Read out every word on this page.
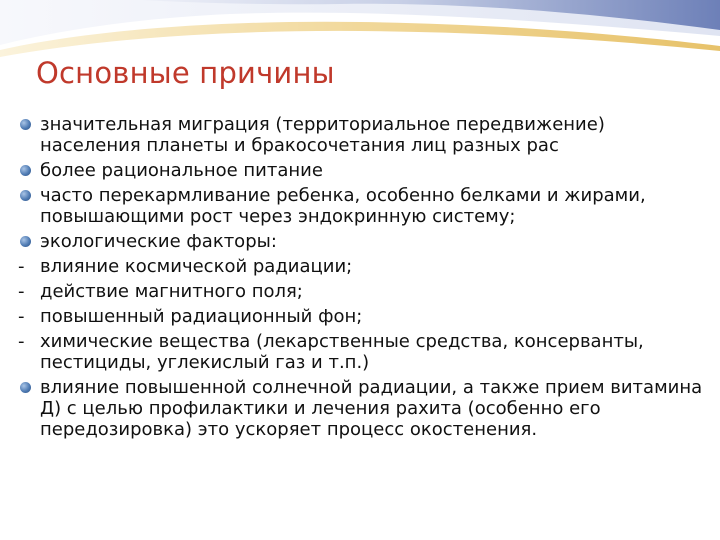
Основные причины
значительная миграция (территориальное передвижение) населения планеты и бракосочетания лиц разных рас
более рациональное питание
часто перекармливание ребенка, особенно белками и жирами, повышающими рост через эндокринную систему;
экологические факторы:
- влияние космической радиации;
- действие магнитного поля;
- повышенный радиационный фон;
- химические вещества (лекарственные средства, консерванты, пестициды, углекислый газ и т.п.)
влияние повышенной солнечной радиации, а также прием витамина Д) с целью профилактики и лечения рахита (особенно его передозировка) это ускоряет процесс окостенения.
